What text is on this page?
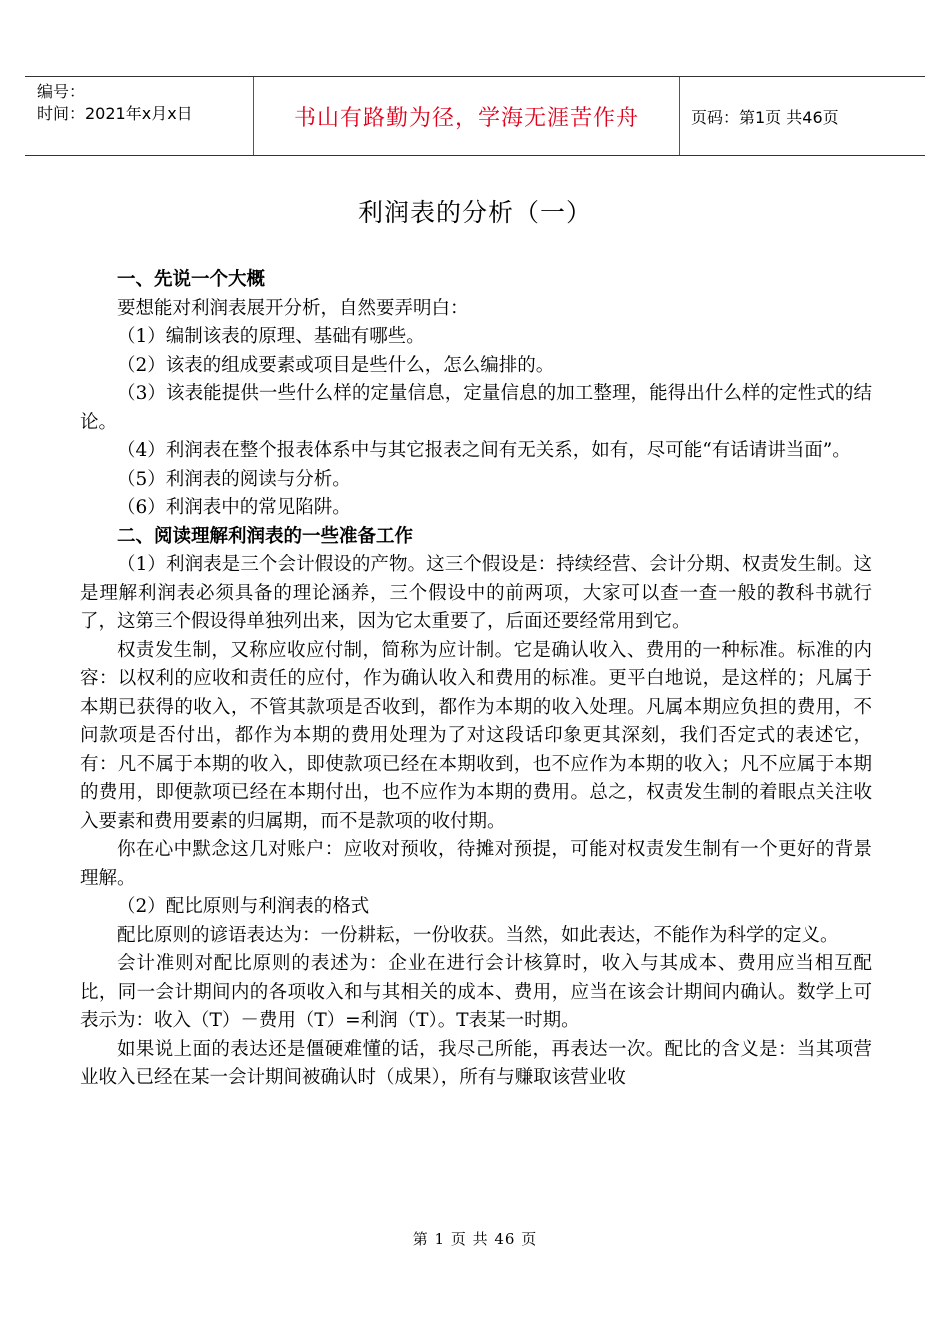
编号：
时间：2021年x月x日	书山有路勤为径，学海无涯苦作舟	页码：第1页 共46页
利润表的分析（一）

一、先说一个大概

要想能对利润表展开分析，自然要弄明白：

（1）编制该表的原理、基础有哪些。

（2）该表的组成要素或项目是些什么，怎么编排的。

（3）该表能提供一些什么样的定量信息，定量信息的加工整理，能得出什么样的定性式的结论。

（4）利润表在整个报表体系中与其它报表之间有无关系，如有，尽可能“有话请讲当面”。

（5）利润表的阅读与分析。

（6）利润表中的常见陷阱。

二、阅读理解利润表的一些准备工作

（1）利润表是三个会计假设的产物。这三个假设是：持续经营、会计分期、权责发生制。这是理解利润表必须具备的理论涵养，三个假设中的前两项，大家可以查一查一般的教科书就行了，这第三个假设得单独列出来，因为它太重要了，后面还要经常用到它。

权责发生制，又称应收应付制，简称为应计制。它是确认收入、费用的一种标准。标准的内容：以权利的应收和责任的应付，作为确认收入和费用的标准。更平白地说，是这样的；凡属于本期已获得的收入，不管其款项是否收到，都作为本期的收入处理。凡属本期应负担的费用，不问款项是否付出，都作为本期的费用处理为了对这段话印象更其深刻，我们否定式的表述它，有：凡不属于本期的收入，即使款项已经在本期收到，也不应作为本期的收入；凡不应属于本期的费用，即便款项已经在本期付出，也不应作为本期的费用。总之，权责发生制的着眼点关注收入要素和费用要素的归属期，而不是款项的收付期。

你在心中默念这几对账户：应收对预收，待摊对预提，可能对权责发生制有一个更好的背景理解。

（2）配比原则与利润表的格式

配比原则的谚语表达为：一份耕耘，一份收获。当然，如此表达，不能作为科学的定义。

会计准则对配比原则的表述为：企业在进行会计核算时，收入与其成本、费用应当相互配比，同一会计期间内的各项收入和与其相关的成本、费用，应当在该会计期间内确认。数学上可表示为：收入（T）－费用（T）=利润（T）。T表某一时期。

如果说上面的表达还是僵硬难懂的话，我尽己所能，再表达一次。配比的含义是：当其项营业收入已经在某一会计期间被确认时（成果），所有与赚取该营业收

第 1 页 共 46 页
